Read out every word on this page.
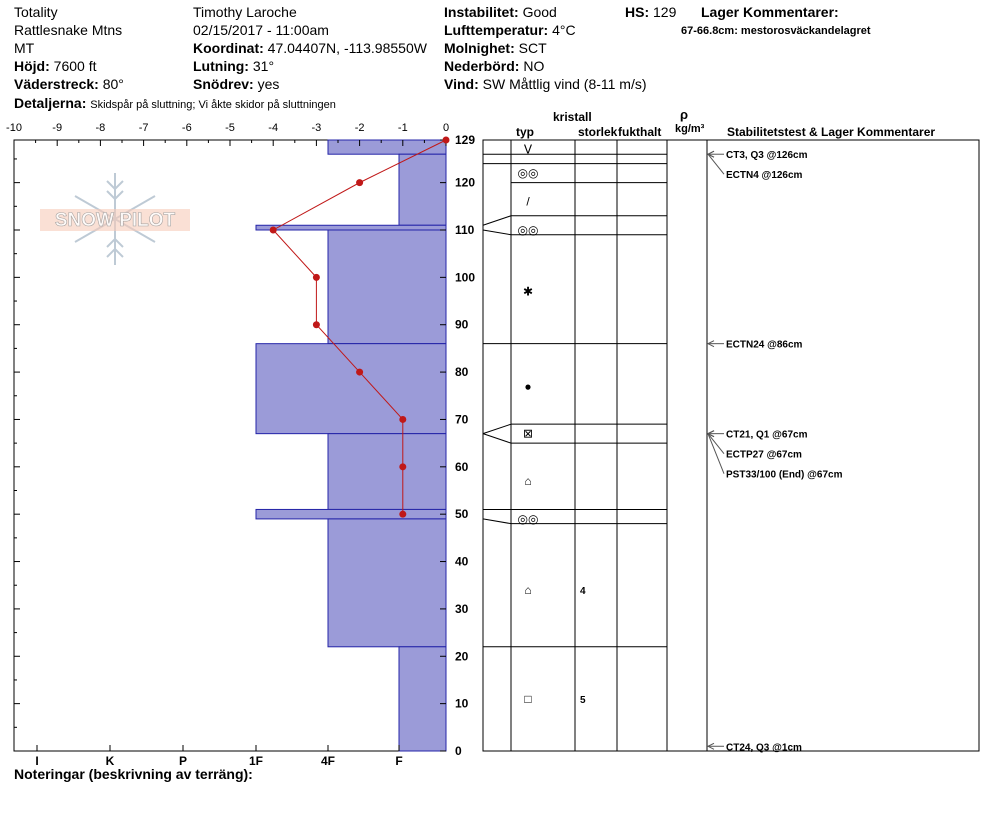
Totality
Rattlesnake Mtns
MT
Höjd: 7600 ft
Väderstreck: 80°
Detaljerna: Skidspår på sluttning; Vi åkte skidor på sluttningen
Timothy Laroche
02/15/2017 - 11:00am
Koordinat: 47.04407N, -113.98550W
Lutning: 31°
Snödrev: yes
Instabilitet: Good
Lufttemperatur: 4°C
Molnighet: SCT
Nederbörd: NO
Vind: SW Måttlig vind (8-11 m/s)
HS: 129 Lager Kommentarer:
67-66.8cm: mestorosväckandelagret
Noteringar (beskrivning av terräng):
kristall
typ	storlek fukthalt
ρ
kg/m³ Stabilitetstest & Lager Kommentarer
SNOW PILOT
-10	-9	-8	-7	-6	-5	-4	-3	-2	-1	0
I	K	P	1F	4F	F
129
120
110
100
90
80
70
60
50
40
30
20
10
0
ᐯ
◎◎
/
◎◎
✱
●
⊠
⌂
◎◎
⌂	4
□	5
CT3, Q3 @126cm
ECTN4 @126cm
ECTN24 @86cm
CT21, Q1 @67cm
ECTP27 @67cm
PST33/100 (End) @67cm
CT24, Q3 @1cm
